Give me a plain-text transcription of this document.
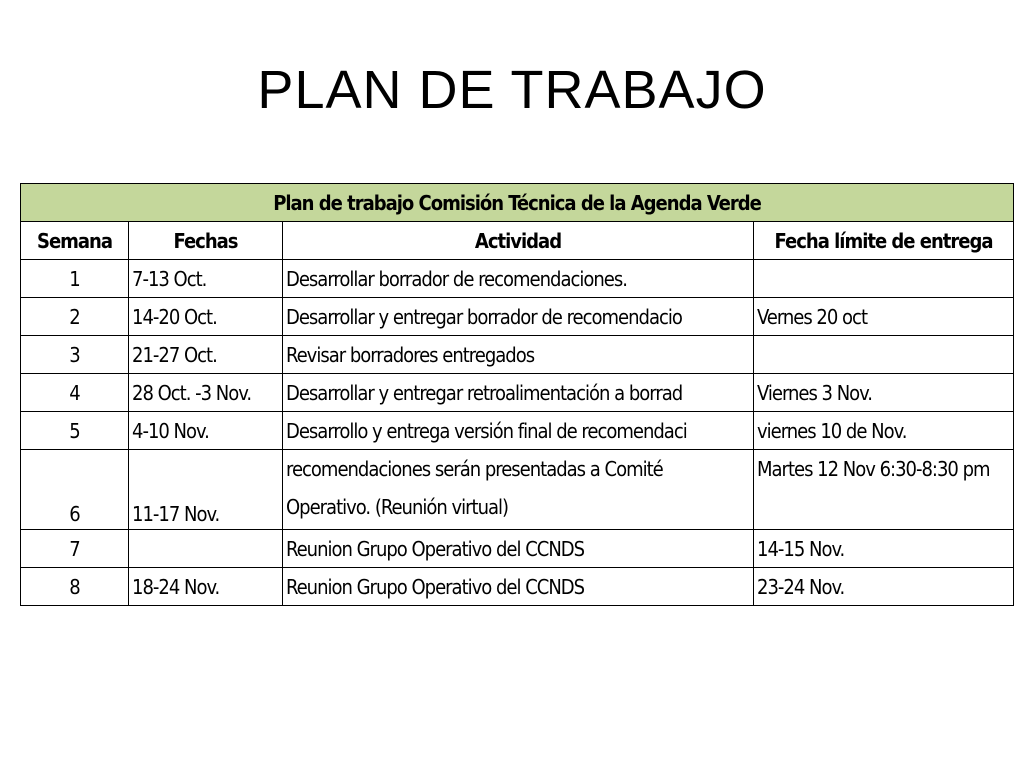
PLAN DE TRABAJO
Plan de trabajo Comisión Técnica de la Agenda Verde			
Semana	Fechas	Actividad	Fecha límite de entrega
1	7-13 Oct.	Desarrollar borrador de recomendaciones.	
2	14-20 Oct.	Desarrollar y entregar borrador de recomendacio	Vernes 20 oct
3	21-27 Oct.	Revisar borradores entregados	
4	28 Oct. -3 Nov.	Desarrollar y entregar retroalimentación a borrad	Viernes 3 Nov.
5	4-10 Nov.	Desarrollo y entrega versión final de recomendaci	viernes 10 de Nov.
6	11-17 Nov.	recomendaciones serán presentadas a Comité Operativo. (Reunión virtual)	Martes 12 Nov 6:30-8:30 pm
7		Reunion Grupo Operativo del CCNDS	14-15 Nov.
8	18-24 Nov.	Reunion Grupo Operativo del CCNDS	23-24 Nov.
